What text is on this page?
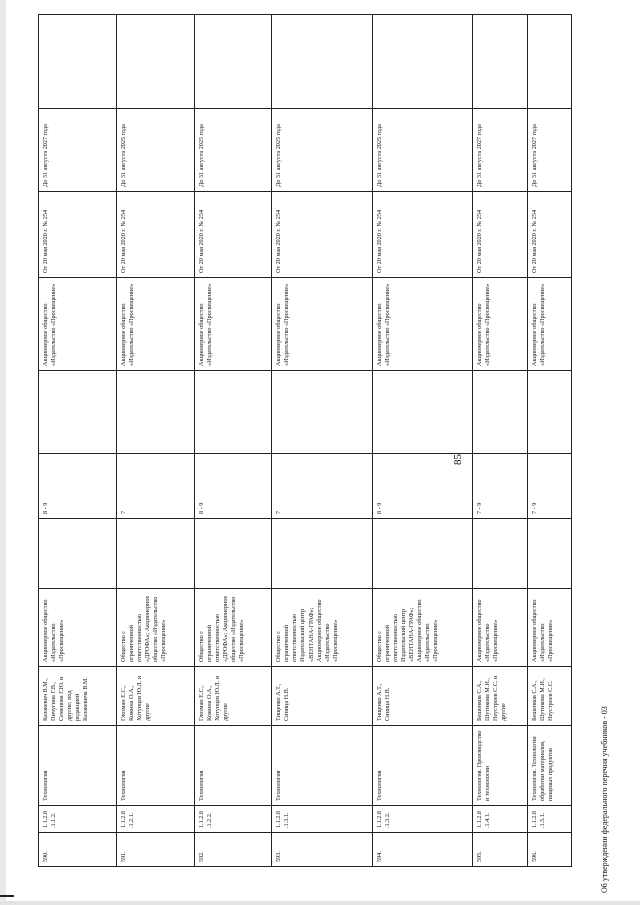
85
590.	1.1.2.8.1.1.2.	Технология	Казакевич В.М., Пичугина Г.В., Семенова Г.Ю. и другие; под редакцией Казакевича В.М.	Акционерное общество «Издательство «Просвещение»		8 - 9		Акционерное общество «Издательство «Просвещение»	От 20 мая 2020 г. № 254	До 31 августа 2027 года	
591.	1.1.2.8.1.2.1.	Технология	Глозман Е.С., Кожина О.А., Хотунцев Ю.Л. и другие	Общество с ограниченной ответственностью «ДРОФА»; Акционерное общество «Издательство «Просвещение»		7		Акционерное общество «Издательство «Просвещение»	От 20 мая 2020 г. № 254	До 31 августа 2025 года	
592.	1.1.2.8.1.2.2.	Технология	Глозман Е.С., Кожина О.А., Хотунцев Ю.Л. и другие	Общество с ограниченной ответственностью «ДРОФА»; Акционерное общество «Издательство «Просвещение»		8 - 9		Акционерное общество «Издательство «Просвещение»	От 20 мая 2020 г. № 254	До 31 августа 2025 года	
593.	1.1.2.8.1.3.1.	Технология	Тищенко А.Т., Синица Н.В.	Общество с ограниченной ответственностью Издательский центр «ВЕНТАНА-ГРАФ»; Акционерное общество «Издательство «Просвещение»		7		Акционерное общество «Издательство «Просвещение»	От 20 мая 2020 г. № 254	До 31 августа 2025 года	
594.	1.1.2.8.1.3.2.	Технология	Тищенко А.Т., Синица Н.В.	Общество с ограниченной ответственностью Издательский центр «ВЕНТАНА-ГРАФ»; Акционерное общество «Издательство «Просвещение»		8 - 9		Акционерное общество «Издательство «Просвещение»	От 20 мая 2020 г. № 254	До 31 августа 2025 года	
595.	1.1.2.8.1.4.1.	Технология. Производство и технологии	Бешенков С.А., Шутикова М.И., Неустроев С.С. и другие	Акционерное общество «Издательство «Просвещение»		7 - 9		Акционерное общество «Издательство «Просвещение»	От 20 мая 2020 г. № 254	До 31 августа 2027 года	
596.	1.1.2.8.1.5.1.	Технология. Технологии обработки материалов, пищевых продуктов	Бешенков С.А., Шутикова М.И., Неустроев С.С.	Акционерное общество «Издательство «Просвещение»		7 - 9		Акционерное общество «Издательство «Просвещение»	От 20 мая 2020 г. № 254	До 31 августа 2027 года	
Об утверждении федерального перечня учебников - 03
